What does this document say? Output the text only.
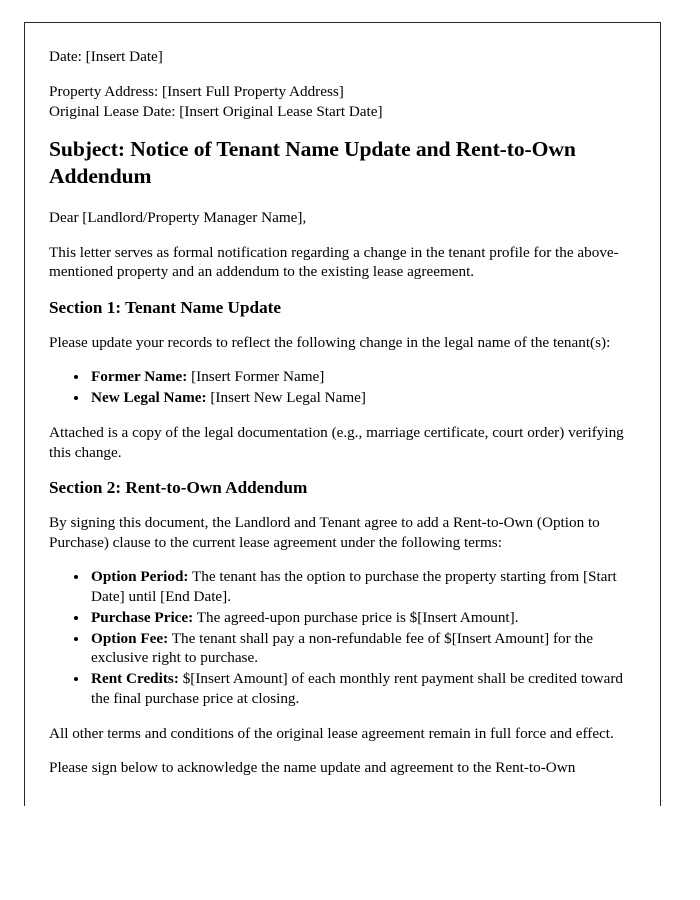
Date: [Insert Date]
Property Address: [Insert Full Property Address]
Original Lease Date: [Insert Original Lease Start Date]
Subject: Notice of Tenant Name Update and Rent-to-Own Addendum

Dear [Landlord/Property Manager Name],

This letter serves as formal notification regarding a change in the tenant profile for the above-mentioned property and an addendum to the existing lease agreement.

Section 1: Tenant Name Update

Please update your records to reflect the following change in the legal name of the tenant(s):

• Former Name: [Insert Former Name]
• New Legal Name: [Insert New Legal Name]

Attached is a copy of the legal documentation (e.g., marriage certificate, court order) verifying this change.

Section 2: Rent-to-Own Addendum

By signing this document, the Landlord and Tenant agree to add a Rent-to-Own (Option to Purchase) clause to the current lease agreement under the following terms:

• Option Period: The tenant has the option to purchase the property starting from [Start Date] until [End Date].
• Purchase Price: The agreed-upon purchase price is $[Insert Amount].
• Option Fee: The tenant shall pay a non-refundable fee of $[Insert Amount] for the exclusive right to purchase.
• Rent Credits: $[Insert Amount] of each monthly rent payment shall be credited toward the final purchase price at closing.

All other terms and conditions of the original lease agreement remain in full force and effect.

Please sign below to acknowledge the name update and agreement to the Rent-to-Own
